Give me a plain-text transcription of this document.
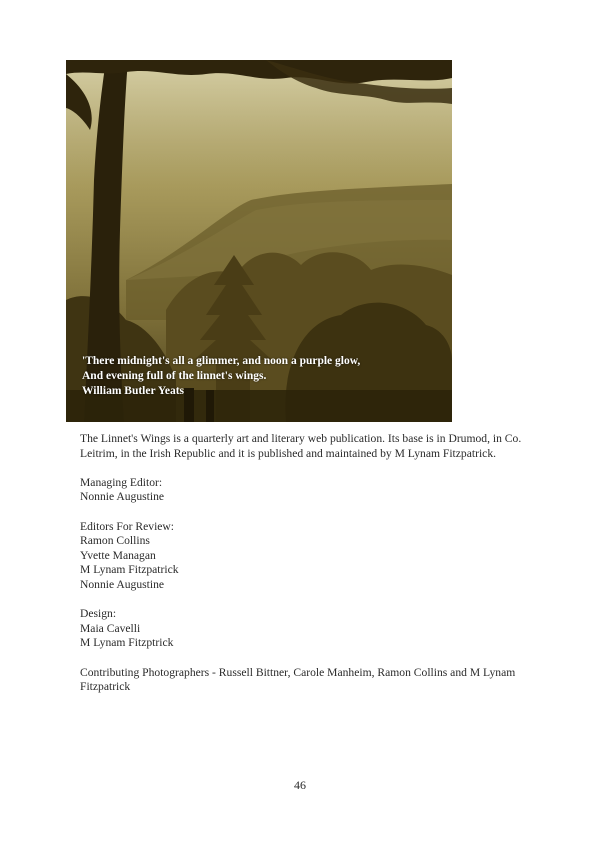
'There midnight's all a glimmer, and noon a purple glow,
And evening full of the linnet's wings.
William Butler Yeats

The Linnet's Wings is a quarterly art and literary web publication. Its base is in Drumod, in Co. Leitrim, in the Irish Republic and it is published and maintained by M Lynam Fitzpatrick.

Managing Editor:
Nonnie Augustine

Editors For Review:
Ramon Collins
Yvette Managan
M Lynam Fitzpatrick
Nonnie Augustine

Design:
Maia Cavelli
M Lynam Fitzptrick

Contributing Photographers - Russell Bittner, Carole Manheim, Ramon Collins and M Lynam Fitzpatrick

46
